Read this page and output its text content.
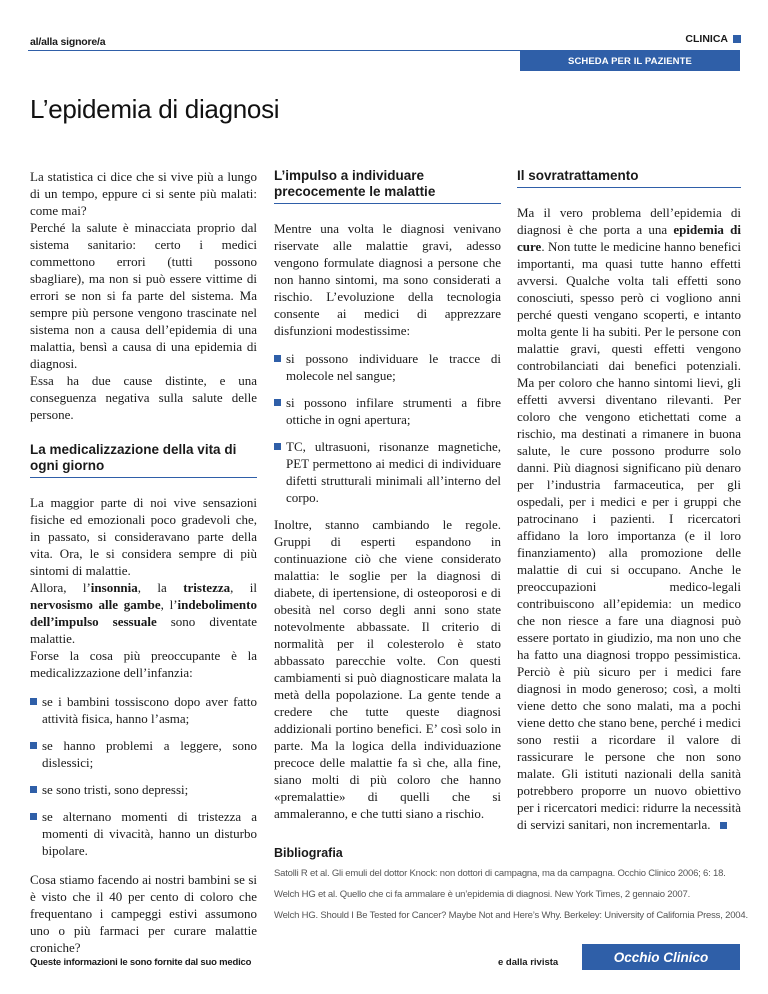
al/alla signore/a	CLINICA
SCHEDA PER IL PAZIENTE
L’epidemia di diagnosi

La statistica ci dice che si vive più a lungo di un tempo, eppure ci si sente più malati: come mai?

Perché la salute è minacciata proprio dal sistema sanitario: certo i medici commettono errori (tutti possono sbagliare), ma non si può essere vittime di errori se non si fa parte del sistema. Ma sempre più persone vengono trascinate nel sistema non a causa dell’epidemia di una malattia, bensì a causa di una epidemia di diagnosi.

Essa ha due cause distinte, e una conseguenza negativa sulla salute delle persone.

La medicalizzazione della vita di ogni giorno

La maggior parte di noi vive sensazioni fisiche ed emozionali poco gradevoli che, in passato, si consideravano parte della vita. Ora, le si considera sempre di più sintomi di malattie.

Allora, l’insonnia, la tristezza, il nervosismo alle gambe, l’indebolimento dell’impulso sessuale sono diventate malattie.

Forse la cosa più preoccupante è la medicalizzazione dell’infanzia:

se i bambini tossiscono dopo aver fatto attività fisica, hanno l’asma;
se hanno problemi a leggere, sono dislessici;
se sono tristi, sono depressi;
se alternano momenti di tristezza a momenti di vivacità, hanno un disturbo bipolare.

Cosa stiamo facendo ai nostri bambini se si è visto che il 40 per cento di coloro che frequentano i campeggi estivi assumono uno o più farmaci per curare malattie croniche?

L’impulso a individuare precocemente le malattie

Mentre una volta le diagnosi venivano riservate alle malattie gravi, adesso vengono formulate diagnosi a persone che non hanno sintomi, ma sono considerati a rischio. L’evoluzione della tecnologia consente ai medici di apprezzare disfunzioni modestissime:

si possono individuare le tracce di molecole nel sangue;
si possono infilare strumenti a fibre ottiche in ogni apertura;
TC, ultrasuoni, risonanze magnetiche, PET permettono ai medici di individuare difetti strutturali minimali all’interno del corpo.

Inoltre, stanno cambiando le regole. Gruppi di esperti espandono in continuazione ciò che viene considerato malattia: le soglie per la diagnosi di diabete, di ipertensione, di osteoporosi e di obesità nel corso degli anni sono state notevolmente abbassate. Il criterio di normalità per il colesterolo è stato abbassato parecchie volte. Con questi cambiamenti si può diagnosticare malata la metà della popolazione. La gente tende a credere che tutte queste diagnosi addizionali portino benefici. E’ così solo in parte. Ma la logica della individuazione precoce delle malattie fa sì che, alla fine, siano molti di più coloro che hanno «premalattie» di quelli che si ammaleranno, e che tutti siano a rischio.

Il sovratrattamento

Ma il vero problema dell’epidemia di diagnosi è che porta a una epidemia di cure. Non tutte le medicine hanno benefici importanti, ma quasi tutte hanno effetti avversi. Qualche volta tali effetti sono conosciuti, spesso però ci vogliono anni perché questi vengano scoperti, e intanto molta gente li ha subiti. Per le persone con malattie gravi, questi effetti vengono controbilanciati dai benefici potenziali. Ma per coloro che hanno sintomi lievi, gli effetti avversi diventano rilevanti. Per coloro che vengono etichettati come a rischio, ma destinati a rimanere in buona salute, le cure possono produrre solo danni. Più diagnosi significano più denaro per l’industria farmaceutica, per gli ospedali, per i medici e per i gruppi che patrocinano i pazienti. I ricercatori affidano la loro importanza (e il loro finanziamento) alla promozione delle malattie di cui si occupano. Anche le preoccupazioni medico-legali contribuiscono all’epidemia: un medico che non riesce a fare una diagnosi può essere portato in giudizio, ma non uno che ha fatto una diagnosi troppo pessimistica. Perciò è più sicuro per i medici fare diagnosi in modo generoso; così, a molti viene detto che sono malati, ma a pochi viene detto che stano bene, perché i medici sono restii a ricordare il valore di rassicurare le persone che non sono malate. Gli istituti nazionali della sanità potrebbero proporre un nuovo obiettivo per i ricercatori medici: ridurre la necessità di servizi sanitari, non incrementarla.

Bibliografia
Satolli R et al. Gli emuli del dottor Knock: non dottori di campagna, ma da campagna. Occhio Clinico 2006; 6: 18.
Welch HG et al. Quello che ci fa ammalare è un’epidemia di diagnosi. New York Times, 2 gennaio 2007.
Welch HG. Should I Be Tested for Cancer? Maybe Not and Here’s Why. Berkeley: University of California Press, 2004.
Queste informazioni le sono fornite dal suo medico	e dalla rivista	Occhio Clinico
